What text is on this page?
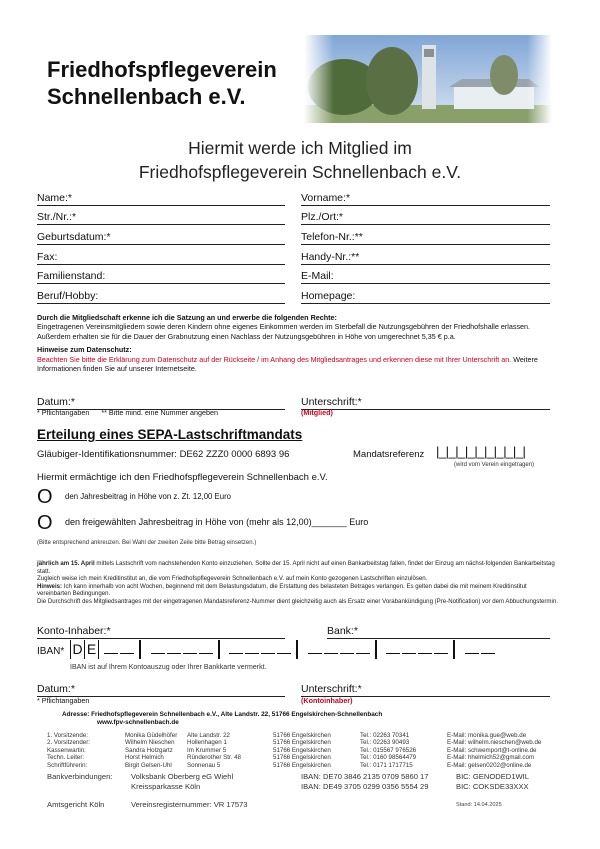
Friedhofspflegeverein
Schnellenbach e.V.
Hiermit werde ich Mitglied im
Friedhofspflegeverein Schnellenbach e.V.
Name:*	Vorname:*
Str./Nr.:*	Plz./Ort:*
Geburtsdatum:*	Telefon-Nr.:**
Fax:	Handy-Nr.:**
Familienstand:	E-Mail:
Beruf/Hobby:	Homepage:
Durch die Mitgliedschaft erkenne ich die Satzung an und erwerbe die folgenden Rechte:
Eingetragenen Vereinsmitgliedern sowie deren Kindern ohne eigenes Einkommen werden im Sterbefall die Nutzungsgebühren der Friedhofshalle erlassen. Außerdem erhalten sie für die Dauer der Grabnutzung einen Nachlass der Nutzungsgebühren in Höhe von umgerechnet 5,35 € p.a.
Hinweise zum Datenschutz:
Beachten Sie bitte die Erklärung zum Datenschutz auf der Rückseite / im Anhang des Mitgliedsantrages und erkennen diese mit Ihrer Unterschrift an. Weitere Informationen finden Sie auf unserer Internetseite.
Datum:*	Unterschrift:*
* Pflichtangaben ** Bitte mind. eine Nummer angeben	(Mitglied)
Erteilung eines SEPA-Lastschriftmandats
Gläubiger-Identifikationsnummer: DE62 ZZZ0 0000 6893 96	Mandatsreferenz |_|_|_|_|_|_|_|_|_|
(wird vom Verein eingetragen)
Hiermit ermächtige ich den Friedhofspflegeverein Schnellenbach e.V.
O $^{den Jahresbeitrag in Höhe von z. Zt. 12,00 Euro}$
O $^{den freigewählten Jahresbeitrag in Höhe von (mehr als 12,00)\_\_\_\_\_\_\_ Euro}$
(Bitte entsprechend ankreuzen. Bei Wahl der zweiten Zeile bitte Betrag einsetzen.)
jährlich am 15. April mittels Lastschrift vom nachstehenden Konto einzuziehen. Sollte der 15. April nicht auf einen Bankarbeitstag fallen, findet der Einzug am nächst-folgenden Bankarbeitstag statt.
Zugleich weise ich mein Kreditinstitut an, die vom Friedhofspflegeverein Schnellenbach e.V. auf mein Konto gezogenen Lastschriften einzulösen.
Hinweis: Ich kann innerhalb von acht Wochen, beginnend mit dem Belastungsdatum, die Erstattung des belasteten Betrages verlangen. Es gelten dabei die mit meinem Kreditinstitut vereinbarten Bedingungen.
Die Durchschrift des Mitgliedsantrages mit der eingetragenen Mandatsreferenz-Nummer dient gleichzeitig auch als Ersatz einer Vorabankündigung (Pre-Notification) vor dem Abbuchungstermin.
Konto-Inhaber:*	Bank:*
IBAN* D E
IBAN ist auf Ihrem Kontoauszug oder Ihrer Bankkarte vermerkt.
Datum:*	Unterschrift:*
* Pflichtangaben	(Kontoinhaber)
Adresse: Friedhofspflegeverein Schnellenbach e.V., Alte Landstr. 22, 51766 Engelskirchen-Schnellenbach
www.fpv-schnellenbach.de
1. Vorsitzende:	Monika Güdelhöfer Alte Landstr. 22	51766 Engelskirchen	Tel.: 02263 70341	E-Mail: monika.gue@web.de
2. Vorsitzender:	Wilhelm Nieschen Hollenhagen 1	51766 Engelskirchen	Tel.: 02263 90493	E-Mail: wilhelm.nieschen@web.de
Kassenwartin:	Sandra Holzgartz Im Krummer 5	51766 Engelskirchen	Tel.: 015567 976526	E-Mail: schwemport@t-online.de
Techn. Leiter:	Horst Helmich	Ründerother Str. 48	51766 Engelskirchen	Tel.: 0160 98564479	E-Mail: hhelmich52@gmail.com
Schriftführerin:	Birgit Gelsen-Uhl Sonnenau 5	51766 Engelskirchen	Tel.: 0171 1717715	E-Mail: gelsen0202@online.de
Bankverbindungen: Volksbank Oberberg eG Wiehl	IBAN: DE70 3846 2135 0709 5860 17	BIC: GENODED1WIL
Kreissparkasse Köln	IBAN: DE49 3705 0299 0356 5554 29	BIC: COKSDE33XXX
Amtsgericht Köln	Vereinsregisternummer: VR 17573	Stand: 14.04.2025
